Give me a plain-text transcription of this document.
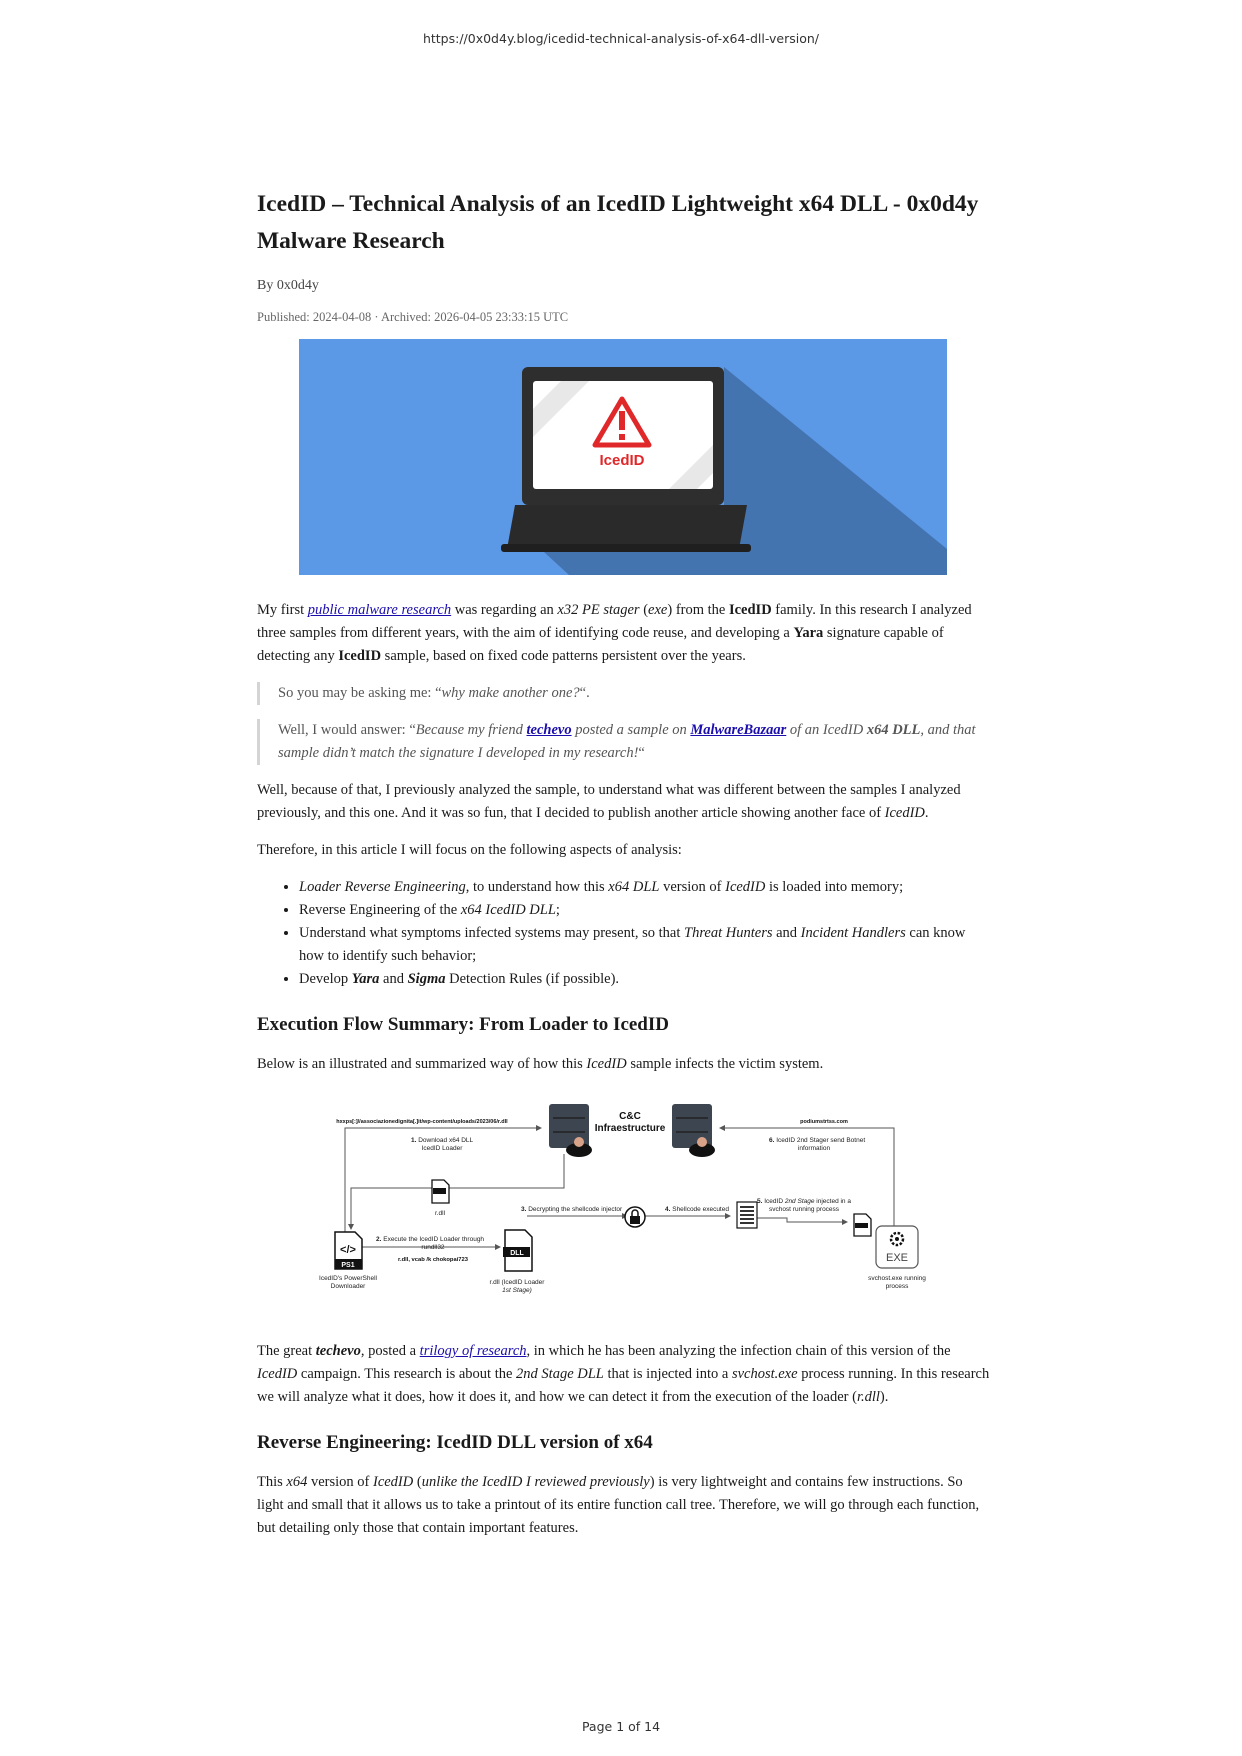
https://0x0d4y.blog/icedid-technical-analysis-of-x64-dll-version/
IcedID – Technical Analysis of an IcedID Lightweight x64 DLL - 0x0d4y Malware Research
By 0x0d4y
Published: 2024-04-08 · Archived: 2026-04-05 23:33:15 UTC
IcedID

My first public malware research was regarding an x32 PE stager (exe) from the IcedID family. In this research I analyzed three samples from different years, with the aim of identifying code reuse, and developing a Yara signature capable of detecting any IcedID sample, based on fixed code patterns persistent over the years.

So you may be asking me: “why make another one?“.
Well, I would answer: “Because my friend techevo posted a sample on MalwareBazaar of an IcedID x64 DLL, and that sample didn’t match the signature I developed in my research!“

Well, because of that, I previously analyzed the sample, to understand what was different between the samples I analyzed previously, and this one. And it was so fun, that I decided to publish another article showing another face of IcedID.

Therefore, in this article I will focus on the following aspects of analysis:

• Loader Reverse Engineering, to understand how this x64 DLL version of IcedID is loaded into memory;
• Reverse Engineering of the x64 IcedID DLL;
• Understand what symptoms infected systems may present, so that Threat Hunters and Incident Handlers can know how to identify such behavior;
• Develop Yara and Sigma Detection Rules (if possible).
Execution Flow Summary: From Loader to IcedID

Below is an illustrated and summarized way of how this IcedID sample infects the victim system.

C&C
Infraestructure
hxxps[:]//associazionedignita[.]it/wp-content/uploads/2023/06/r.dll	podiumstrtss.com
1. Download x64 DLL
IcedID Loader
2. Execute the IcedID Loader through
rundll32
r.dll, vcab /k chokopai723
3. Decrypting the shellcode injector	4. Shellcode executed
5. IcedID 2nd Stage injected in a
svchost running process
6. IcedID 2nd Stager send Botnet
information
r.dll
</>
PS1
IcedID's PowerShell
Downloader
DLL
r.dll (IcedID Loader
1st Stage)
EXE
svchost.exe running
process

The great techevo, posted a trilogy of research, in which he has been analyzing the infection chain of this version of the IcedID campaign. This research is about the 2nd Stage DLL that is injected into a svchost.exe process running. In this research we will analyze what it does, how it does it, and how we can detect it from the execution of the loader (r.dll).

Reverse Engineering: IcedID DLL version of x64

This x64 version of IcedID (unlike the IcedID I reviewed previously) is very lightweight and contains few instructions. So light and small that it allows us to take a printout of its entire function call tree. Therefore, we will go through each function, but detailing only those that contain important features.

Page 1 of 14
